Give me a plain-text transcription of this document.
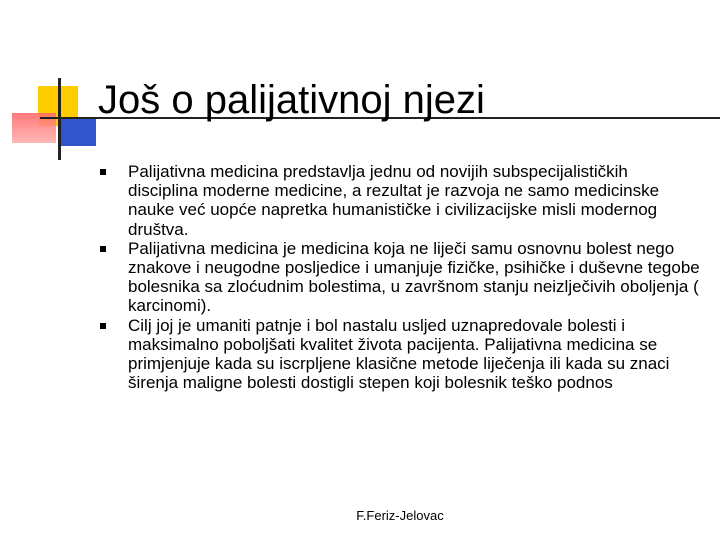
Još o palijativnoj njezi
Palijativna medicina predstavlja jednu od novijih subspecijalističkih disciplina moderne medicine, a rezultat je razvoja ne samo medicinske nauke već uopće napretka humanističke i civilizacijske misli modernog društva.
Palijativna medicina je medicina koja ne liječi samu osnovnu bolest nego znakove i neugodne posljedice i umanjuje fizičke, psihičke i duševne tegobe bolesnika sa zloćudnim bolestima, u završnom stanju neizlječivih oboljenja ( karcinomi).
Cilj joj je umaniti patnje i bol nastalu usljed uznapredovale bolesti i maksimalno poboljšati kvalitet života pacijenta. Palijativna medicina se primjenjuje kada su iscrpljene klasične metode liječenja ili kada su znaci širenja maligne bolesti dostigli stepen koji bolesnik teško podnos
F.Feriz-Jelovac
